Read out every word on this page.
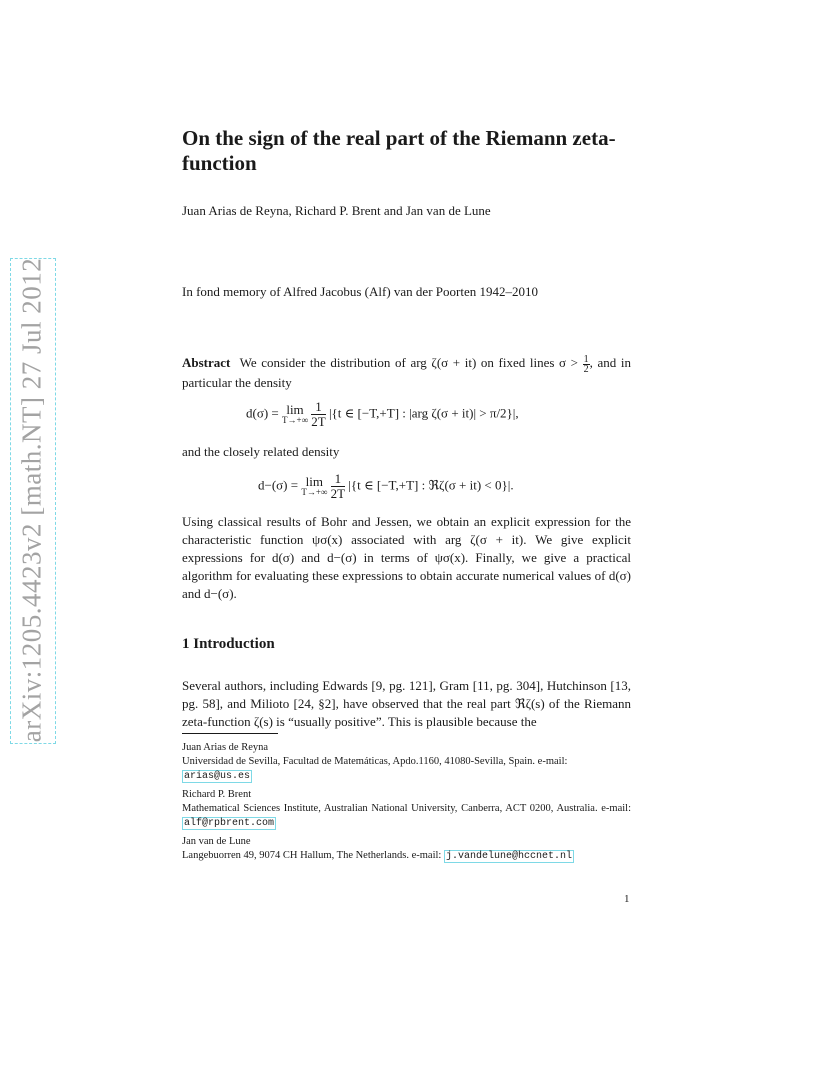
arXiv:1205.4423v2 [math.NT] 27 Jul 2012
On the sign of the real part of the Riemann zeta-function
Juan Arias de Reyna, Richard P. Brent and Jan van de Lune
In fond memory of Alfred Jacobus (Alf) van der Poorten 1942–2010

Abstract We consider the distribution of arg ζ(σ + it) on fixed lines $\sigma > \frac{1}{2}$ , and in particular the density

d(σ) = lim
T→+∞
$\frac{1}{2T} |\{t$ ∈ [−T,+T] : |arg ζ(σ + it)| > π/2}|,

and the closely related density

d−(σ) = lim
T→+∞
$\frac{1}{2T} |\{t$ ∈ [−T,+T] : ℜζ(σ + it) < 0}|.

Using classical results of Bohr and Jessen, we obtain an explicit expression for the characteristic function ψσ(x) associated with arg ζ(σ + it). We give explicit expressions for d(σ) and d−(σ) in terms of ψσ(x). Finally, we give a practical algorithm for evaluating these expressions to obtain accurate numerical values of d(σ) and d−(σ).

1 Introduction

Several authors, including Edwards [9, pg. 121], Gram [11, pg. 304], Hutchinson [13, pg. 58], and Milioto [24, §2], have observed that the real part ℜζ(s) of the Riemann zeta-function ζ(s) is “usually positive”. This is plausible because the

Juan Arias de Reyna
Universidad de Sevilla, Facultad de Matemáticas, Apdo.1160, 41080-Sevilla, Spain. e-mail:
arias@us.es
Richard P. Brent
Mathematical Sciences Institute, Australian National University, Canberra, ACT 0200, Australia. e-mail: alf@rpbrent.com
Jan van de Lune
Langebuorren 49, 9074 CH Hallum, The Netherlands. e-mail: j.vandelune@hccnet.nl
1
